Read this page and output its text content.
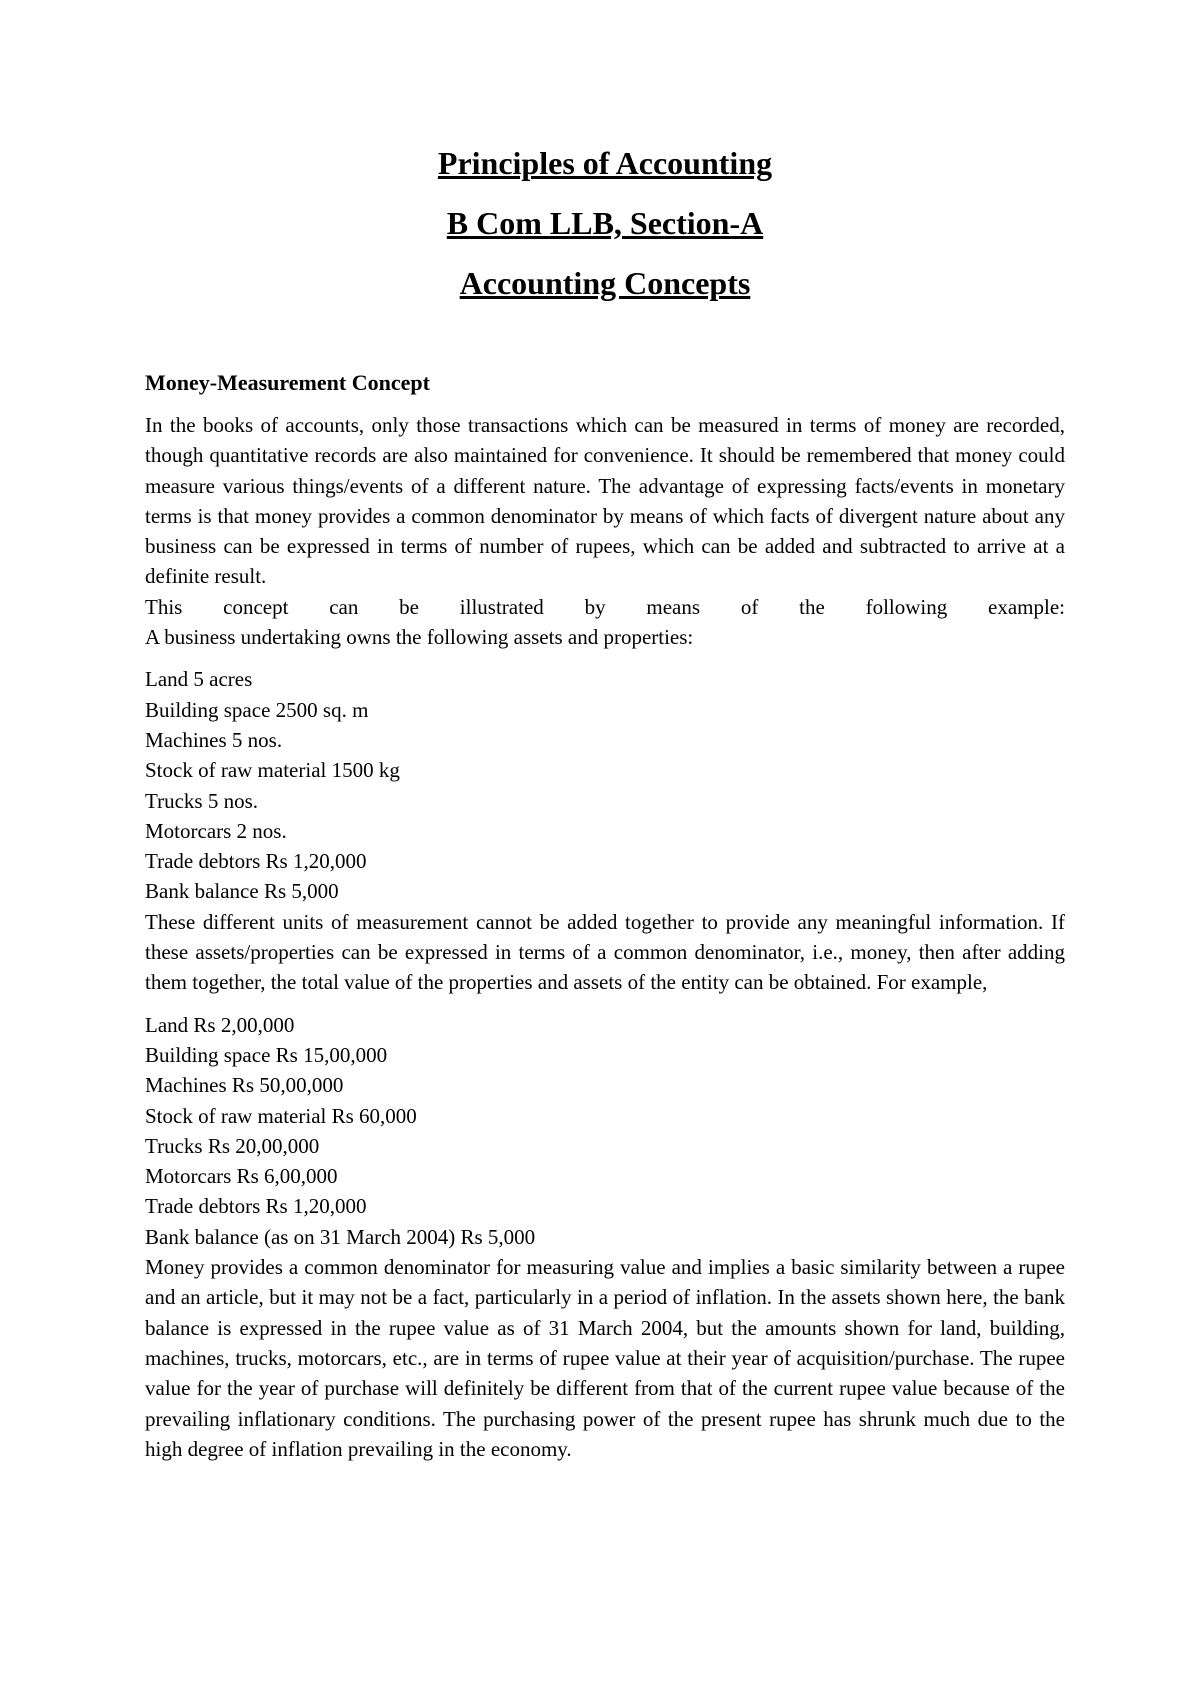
Principles of Accounting
B Com LLB, Section-A
Accounting Concepts
Money-Measurement Concept

In the books of accounts, only those transactions which can be measured in terms of money are recorded, though quantitative records are also maintained for convenience. It should be remembered that money could measure various things/events of a different nature. The advantage of expressing facts/events in monetary terms is that money provides a common denominator by means of which facts of divergent nature about any business can be expressed in terms of number of rupees, which can be added and subtracted to arrive at a definite result.

This concept can be illustrated by means of the following example:

A business undertaking owns the following assets and properties:

Land 5 acres
Building space 2500 sq. m
Machines 5 nos.
Stock of raw material 1500 kg
Trucks 5 nos.
Motorcars 2 nos.
Trade debtors Rs 1,20,000
Bank balance Rs 5,000

These different units of measurement cannot be added together to provide any meaningful information. If these assets/properties can be expressed in terms of a common denominator, i.e., money, then after adding them together, the total value of the properties and assets of the entity can be obtained. For example,

Land Rs 2,00,000
Building space Rs 15,00,000
Machines Rs 50,00,000
Stock of raw material Rs 60,000
Trucks Rs 20,00,000
Motorcars Rs 6,00,000
Trade debtors Rs 1,20,000
Bank balance (as on 31 March 2004) Rs 5,000

Money provides a common denominator for measuring value and implies a basic similarity between a rupee and an article, but it may not be a fact, particularly in a period of inflation. In the assets shown here, the bank balance is expressed in the rupee value as of 31 March 2004, but the amounts shown for land, building, machines, trucks, motorcars, etc., are in terms of rupee value at their year of acquisition/purchase. The rupee value for the year of purchase will definitely be different from that of the current rupee value because of the prevailing inflationary conditions. The purchasing power of the present rupee has shrunk much due to the high degree of inflation prevailing in the economy.
